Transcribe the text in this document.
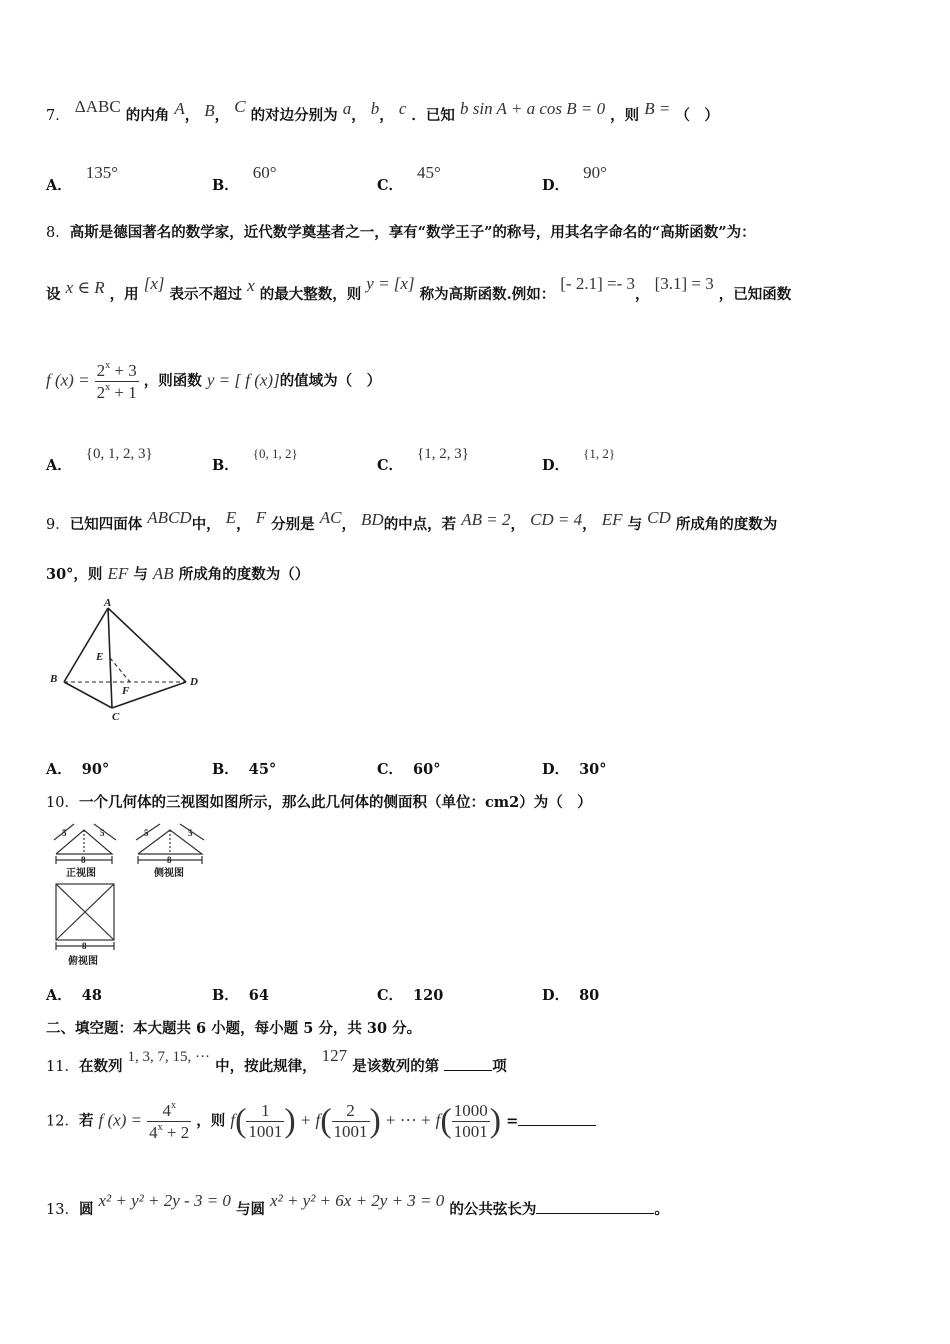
7． ΔABC 的内角 A， B， C 的对边分别为 a， b， c ．已知 b sin A + a cos B = 0 ，则 B = （　）
A．135°
B．60°
C．45°
D．90°
8．高斯是德国著名的数学家，近代数学奠基者之一，享有“数学王子”的称号，用其名字命名的“高斯函数”为：
设 x ∈ R ，用 [x] 表示不超过 x 的最大整数，则 y = [x] 称为高斯函数.例如： [- 2.1] =- 3， [3.1] = 3 ，已知函数
f $(x) = \frac{2^x + 3}{2^x + 1}$ ，则函数 y = [ f (x)]的值域为（　）
A．{0, 1, 2, 3}
B．{0, 1, 2}
C．{1, 2, 3}
D．{1, 2}
9．已知四面体 ABCD中， E， F 分别是 AC， BD的中点，若 AB = 2， CD = 4， EF 与 CD 所成角的度数为
30°，则 EF 与 AB 所成角的度数为（）
A
B
C
D
E
F
A． 90°	B． 45°	C． 60°	D． 30°
10．一个几何体的三视图如图所示，那么此几何体的侧面积（单位：cm2）为（　）
5	5
8
5	5
8
8
正视图	侧视图
俯视图
A． 48	B． 64	C． 120	D． 80
二、填空题：本大题共 6 小题，每小题 5 分，共 30 分。
11．在数列 1, 3, 7, 15, ··· 中，按此规律， 127 是该数列的第	项
12．若 f $(x) = \frac{4^x}{4^x + 2}$ ，则 $f( \frac{1}{1001}$ ) + $f( \frac{2}{1001}$ ) + ··· + $f( \frac{1000}{1001}$ ) =
13．圆 x² + y² + 2y - 3 = 0 与圆 x² + y² + 6x + 2y + 3 = 0 的公共弦长为	。
